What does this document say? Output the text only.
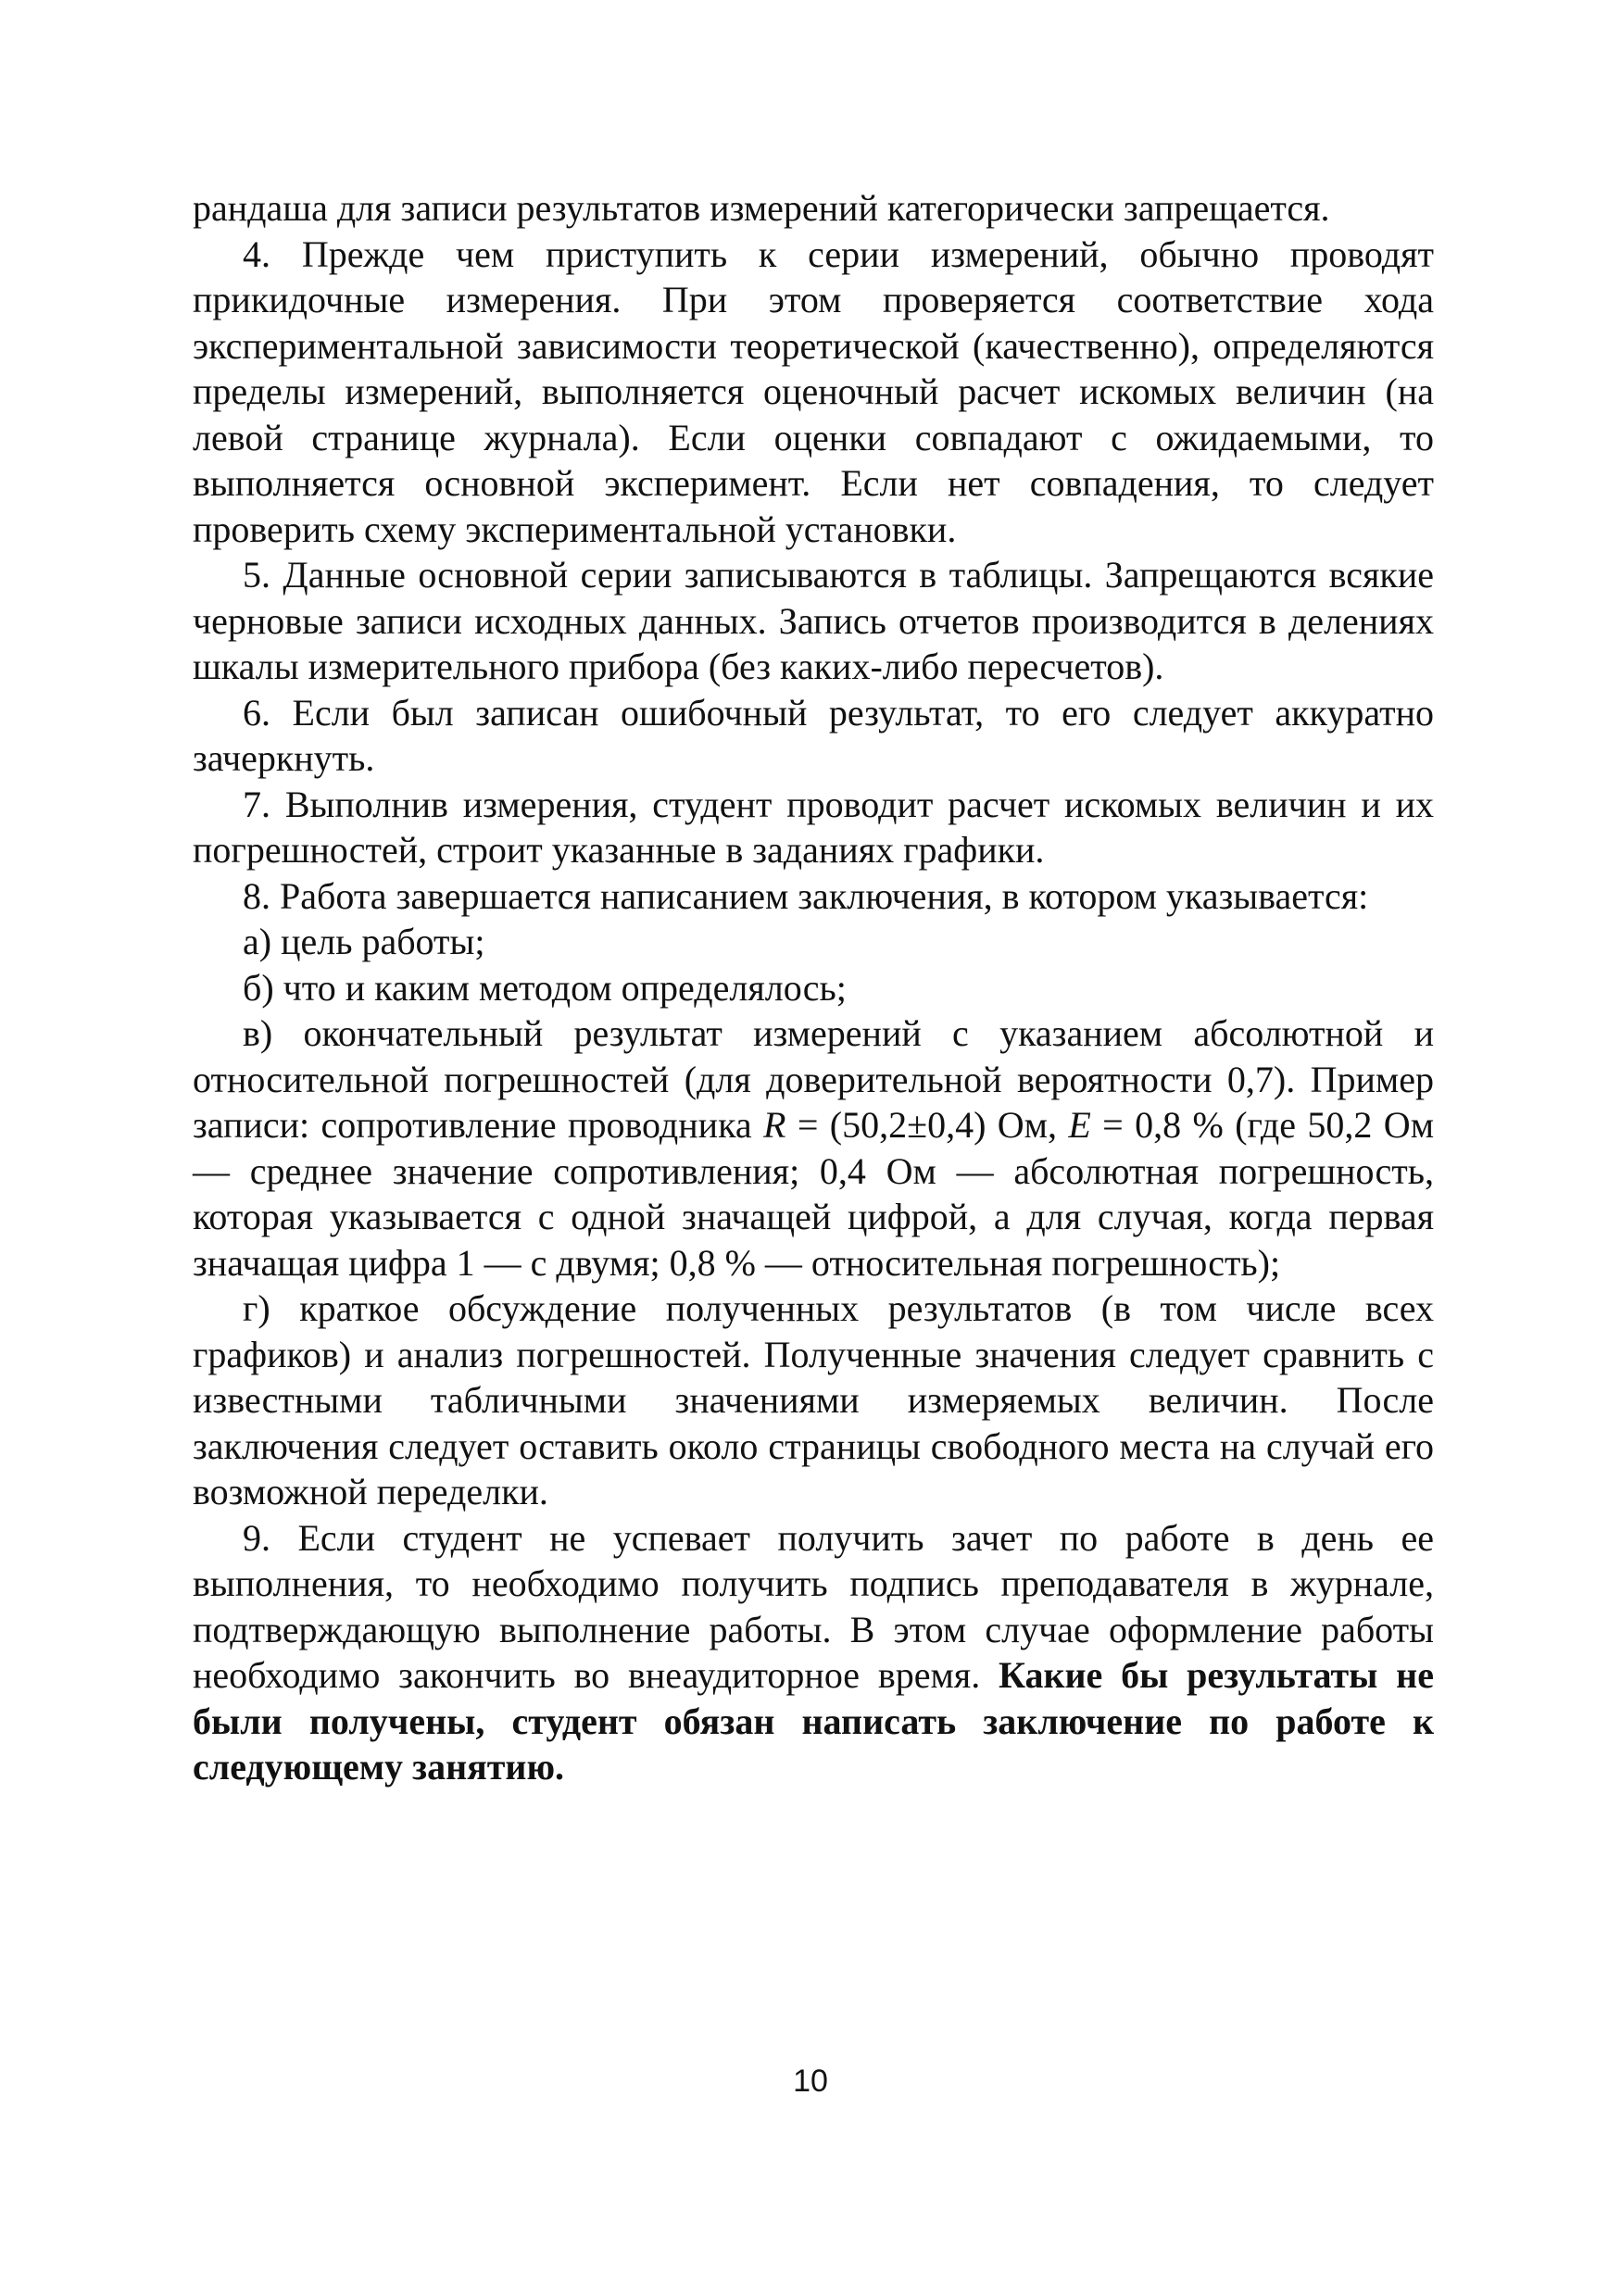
рандаша для записи результатов измерений категорически запрещается.

4. Прежде чем приступить к серии измерений, обычно проводят прикидочные измерения. При этом проверяется соответствие хода экспериментальной зависимости теоретической (качественно), определяются пределы измерений, выполняется оценочный расчет искомых величин (на левой странице журнала). Если оценки совпадают с ожидаемыми, то выполняется основной эксперимент. Если нет совпадения, то следует проверить схему экспериментальной установки.

5. Данные основной серии записываются в таблицы. Запрещаются всякие черновые записи исходных данных. Запись отчетов производится в делениях шкалы измерительного прибора (без каких-либо пересчетов).

6. Если был записан ошибочный результат, то его следует аккуратно зачеркнуть.

7. Выполнив измерения, студент проводит расчет искомых величин и их погрешностей, строит указанные в заданиях графики.

8. Работа завершается написанием заключения, в котором указывается:

а) цель работы;

б) что и каким методом определялось;

в) окончательный результат измерений с указанием абсолютной и относительной погрешностей (для доверительной вероятности 0,7). Пример записи: сопротивление проводника R = (50,2±0,4) Ом, E = 0,8 % (где 50,2 Ом — среднее значение сопротивления; 0,4 Ом — абсолютная погрешность, которая указывается с одной значащей цифрой, а для случая, когда первая значащая цифра 1 — с двумя; 0,8 % — относительная погрешность);

г) краткое обсуждение полученных результатов (в том числе всех графиков) и анализ погрешностей. Полученные значения следует сравнить с известными табличными значениями измеряемых величин. После заключения следует оставить около страницы свободного места на случай его возможной переделки.

9. Если студент не успевает получить зачет по работе в день ее выполнения, то необходимо получить подпись преподавателя в журнале, подтверждающую выполнение работы. В этом случае оформление работы необходимо закончить во внеаудиторное время. Какие бы результаты не были получены, студент обязан написать заключение по работе к следующему занятию.

10
